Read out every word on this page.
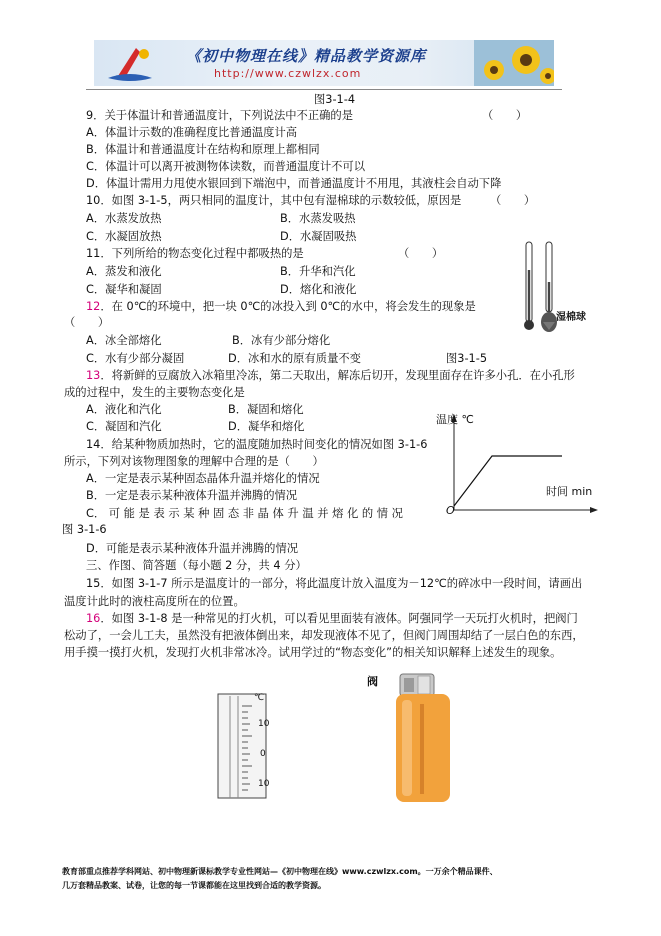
《初中物理在线》精品教学资源库
http://www.czwlzx.com
图3-1-4
9．关于体温计和普通温度计，下列说法中不正确的是	（　　）
A．体温计示数的准确程度比普通温度计高
B．体温计和普通温度计在结构和原理上都相同
C．体温计可以离开被测物体读数，而普通温度计不可以
D．体温计需用力甩使水银回到下端泡中，而普通温度计不用甩，其液柱会自动下降
10．如图 3-1-5，两只相同的温度计，其中包有湿棉球的示数较低，原因是	（　　）
A．水蒸发放热	B．水蒸发吸热
C．水凝固放热	D．水凝固吸热
11．下列所给的物态变化过程中都吸热的是	（　　）
A．蒸发和液化	B．升华和汽化
C．凝华和凝固	D．熔化和液化
12．在 0℃的环境中，把一块 0℃的冰投入到 0℃的水中，将会发生的现象是
（　　）
A．冰全部熔化	B．冰有少部分熔化
C．水有少部分凝固	D．冰和水的原有质量不变	图3-1-5
13．将新鲜的豆腐放入冰箱里冷冻，第二天取出，解冻后切开，发现里面存在许多小孔．在小孔形
成的过程中，发生的主要物态变化是
A．液化和汽化	B．凝固和熔化
C．凝固和汽化	D．凝华和熔化
14．给某种物质加热时，它的温度随加热时间变化的情况如图 3-1-6
所示，下列对该物理图象的理解中合理的是（　　）
A．一定是表示某种固态晶体升温并熔化的情况
B．一定是表示某种液体升温并沸腾的情况
C． 可 能 是 表 示 某 种 固 态 非 晶 体 升 温 并 熔 化 的 情 况
图 3-1-6
D．可能是表示某种液体升温并沸腾的情况
三、作图、简答题（每小题 2 分，共 4 分）
15．如图 3-1-7 所示是温度计的一部分，将此温度计放入温度为－12℃的碎冰中一段时间，请画出
温度计此时的液柱高度所在的位置。
16．如图 3-1-8 是一种常见的打火机，可以看见里面装有液体。阿强同学一天玩打火机时，把阀门
松动了，一会儿工夫，虽然没有把液体倒出来，却发现液体不见了，但阀门周围却结了一层白色的东西，
用手摸一摸打火机，发现打火机非常冰冷。试用学过的“物态变化”的相关知识解释上述发生的现象。
湿棉球
温度 ℃
时间 min
O
℃
10
0
10
阀
教育部重点推荐学科网站、初中物理新课标教学专业性网站—《初中物理在线》www.czwlzx.com。一万余个精品课件、
几万套精品教案、试卷，让您的每一节课都能在这里找到合适的教学资源。
